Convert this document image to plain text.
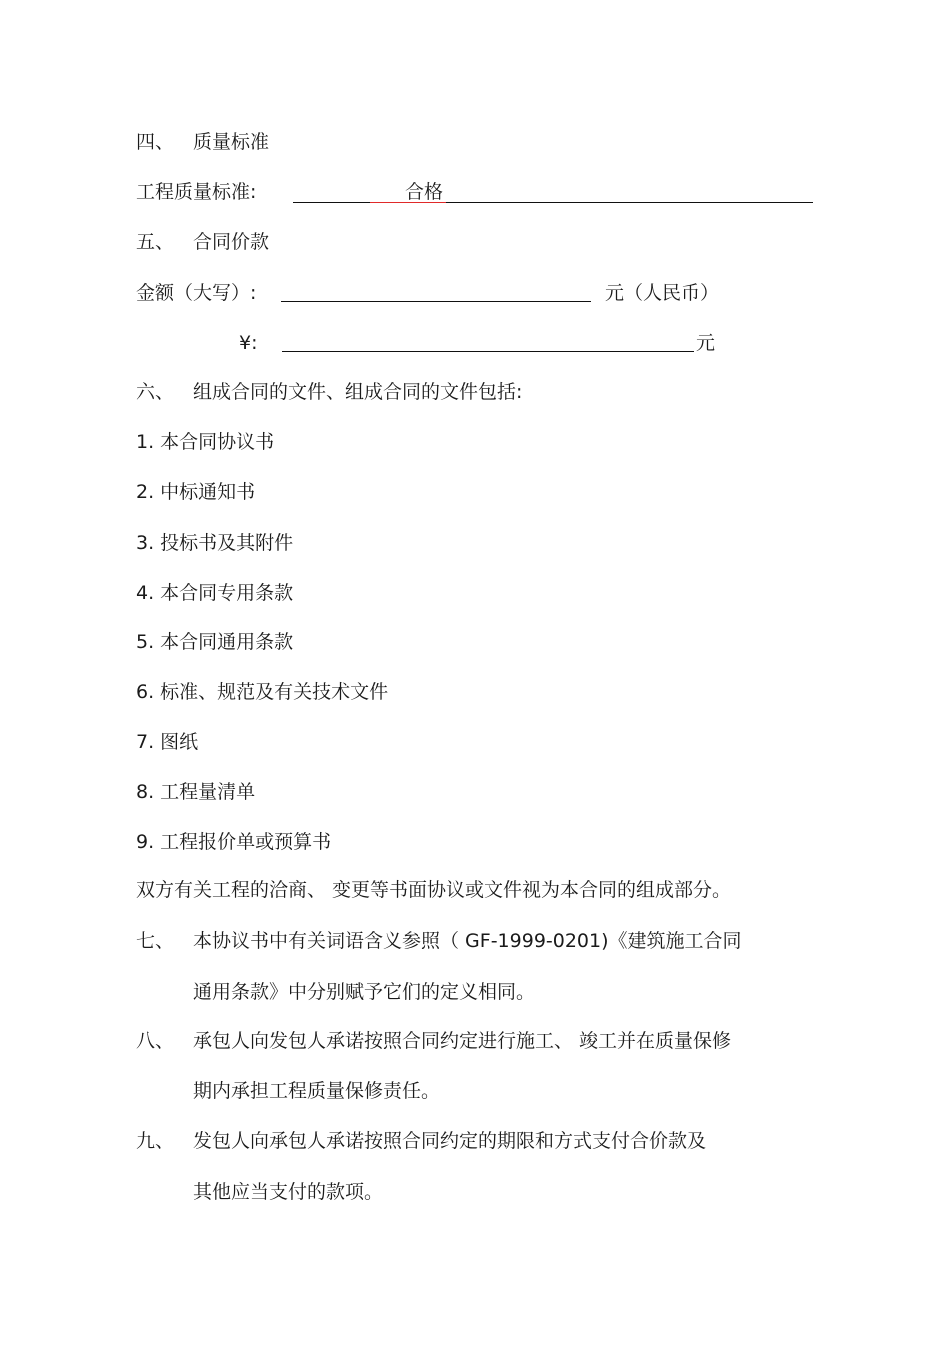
四、 质量标准
工程质量标准:	合格
五、 合同价款
金额（大写）:	元（人民币）
¥:	元
六、 组成合同的文件、组成合同的文件包括:
1. 本合同协议书
2. 中标通知书
3. 投标书及其附件
4. 本合同专用条款
5. 本合同通用条款
6. 标准、规范及有关技术文件
7. 图纸
8. 工程量清单
9. 工程报价单或预算书
双方有关工程的洽商、 变更等书面协议或文件视为本合同的组成部分。
七、 本协议书中有关词语含义参照（ GF-1999-0201)《建筑施工合同
通用条款》中分别赋予它们的定义相同。
八、 承包人向发包人承诺按照合同约定进行施工、 竣工并在质量保修
期内承担工程质量保修责任。
九、 发包人向承包人承诺按照合同约定的期限和方式支付合价款及
其他应当支付的款项。
